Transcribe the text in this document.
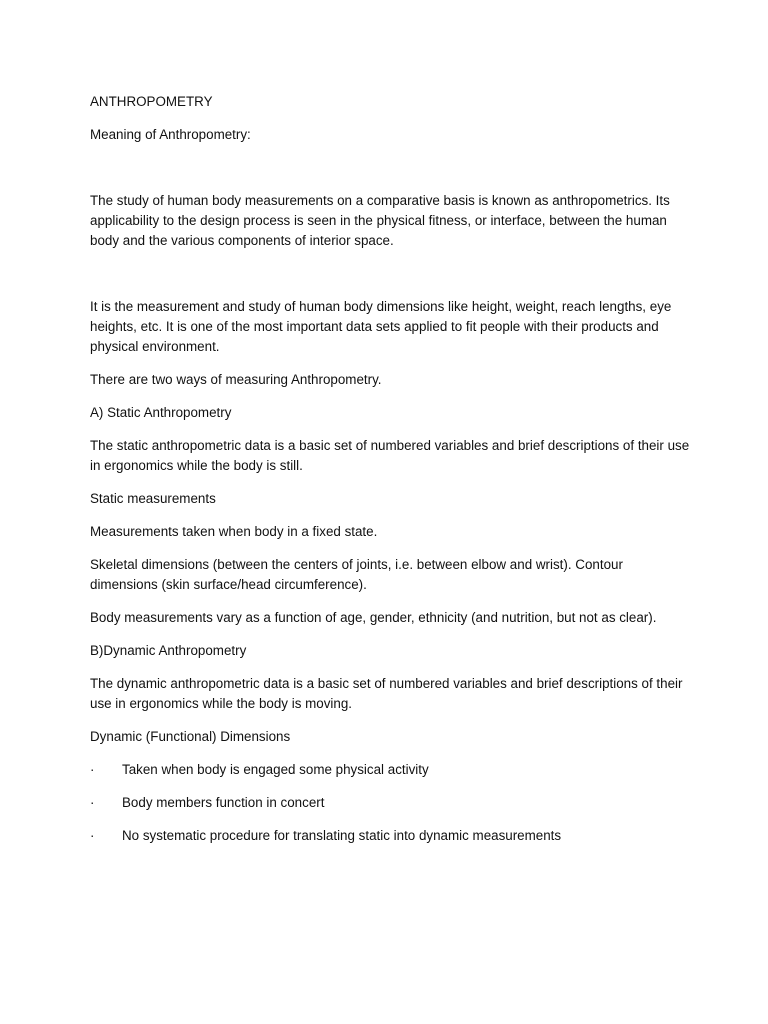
ANTHROPOMETRY

Meaning of Anthropometry:

The study of human body measurements on a comparative basis is known as anthropometrics. Its applicability to the design process is seen in the physical fitness, or interface, between the human body and the various components of interior space.

It is the measurement and study of human body dimensions like height, weight, reach lengths, eye heights, etc. It is one of the most important data sets applied to fit people with their products and physical environment.

There are two ways of measuring Anthropometry.

A) Static Anthropometry

The static anthropometric data is a basic set of numbered variables and brief descriptions of their use in ergonomics while the body is still.

Static measurements

Measurements taken when body in a fixed state.

Skeletal dimensions (between the centers of joints, i.e. between elbow and wrist). Contour dimensions (skin surface/head circumference).

Body measurements vary as a function of age, gender, ethnicity (and nutrition, but not as clear).

B)Dynamic Anthropometry

The dynamic anthropometric data is a basic set of numbered variables and brief descriptions of their use in ergonomics while the body is moving.

Dynamic (Functional) Dimensions

· Taken when body is engaged some physical activity
· Body members function in concert
· No systematic procedure for translating static into dynamic measurements
